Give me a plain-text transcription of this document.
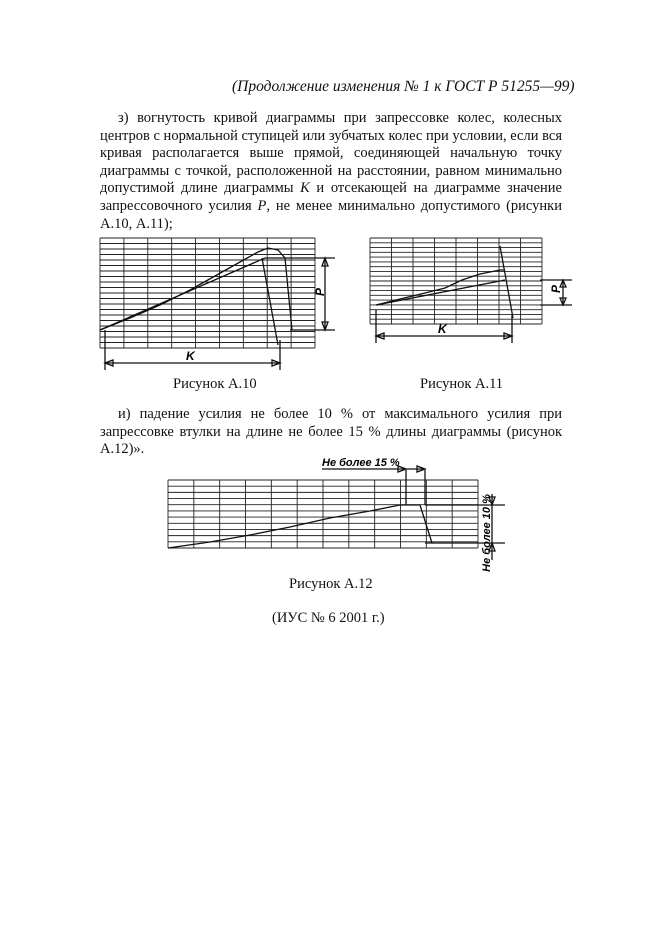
(Продолжение изменения № 1 к ГОСТ Р 51255—99)

з) вогнутость кривой диаграммы при запрессовке колес, колесных центров с нормальной ступицей или зубчатых колес при условии, если вся кривая располагается выше прямой, соединяющей начальную точку диаграммы с точкой, расположенной на расстоянии, равном минимально допустимой длине диаграммы K и отсекающей на диаграмме значение запрессовочного усилия P, не менее минимально допустимого (рисунки А.10, А.11);

P
K
Рисунок А.10
P
K
Рисунок А.11

и) падение усилия не более 10 % от максимального усилия при запрессовке втулки на длине не более 15 % длины диаграммы (рисунок А.12)».

Не более 15 %
Не более 10 %
Рисунок А.12
(ИУС № 6 2001 г.)
